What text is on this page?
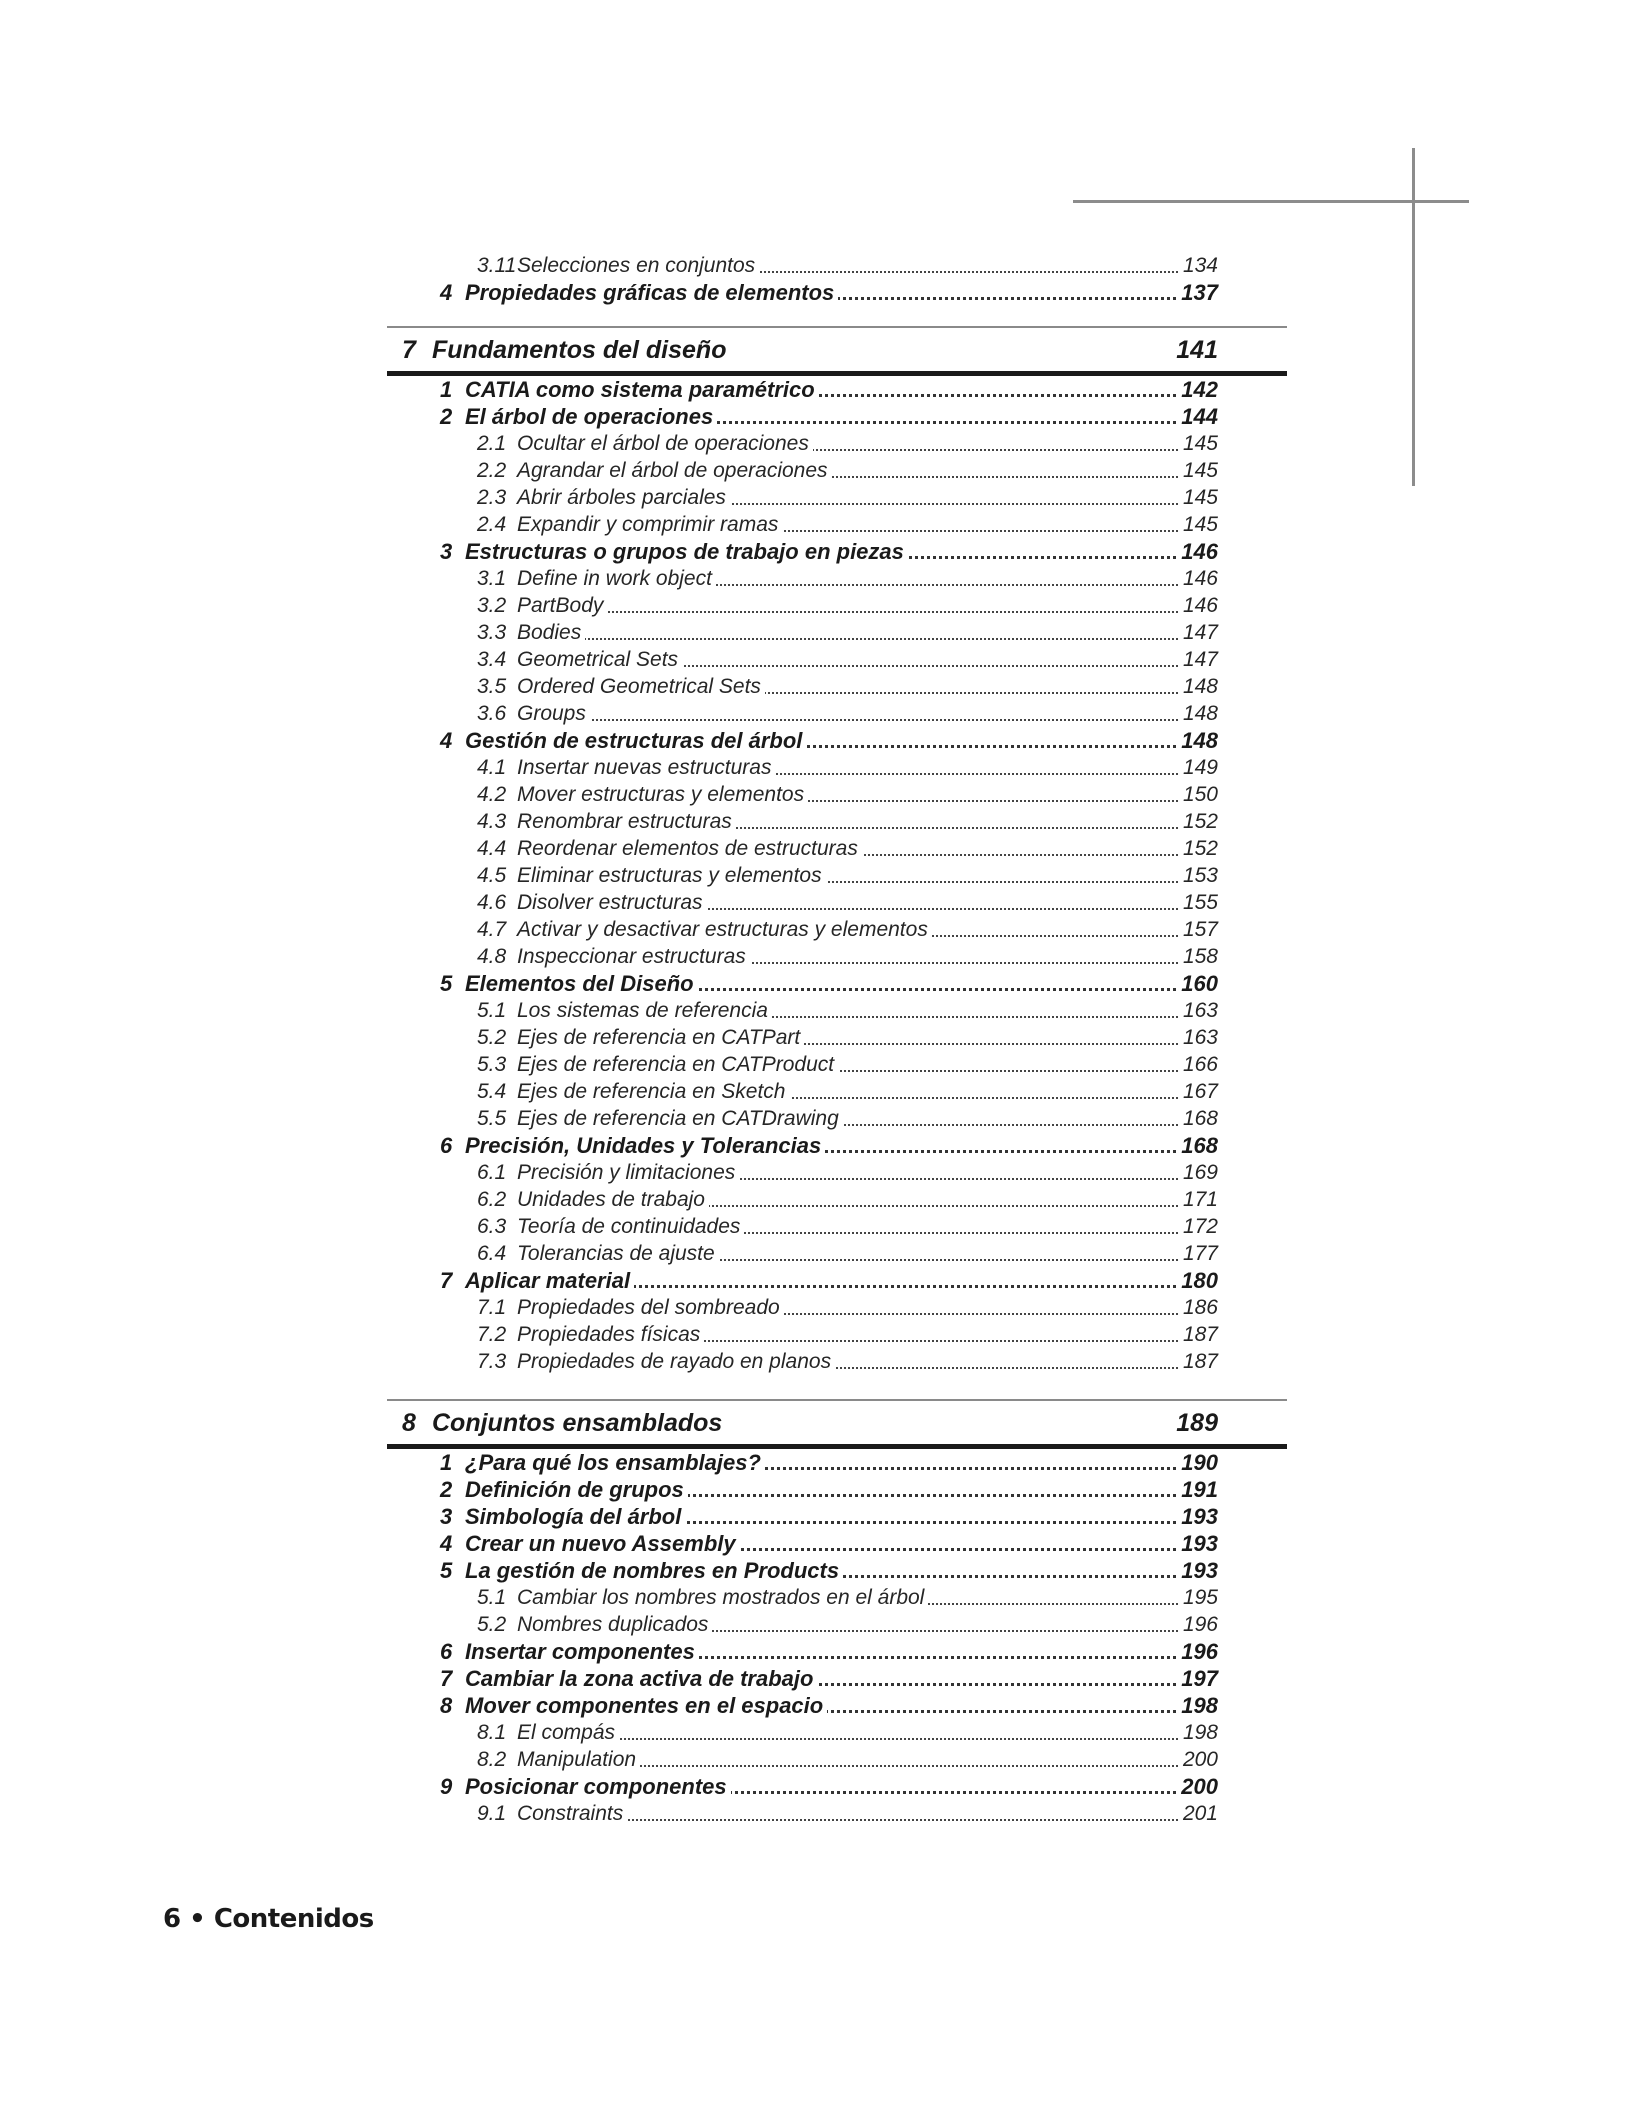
3.11 Selecciones en conjuntos	134
4 Propiedades gráficas de elementos	137
7 Fundamentos del diseño	141
1 CATIA como sistema paramétrico	142
2 El árbol de operaciones	144
2.1 Ocultar el árbol de operaciones	145
2.2 Agrandar el árbol de operaciones	145
2.3 Abrir árboles parciales	145
2.4 Expandir y comprimir ramas	145
3 Estructuras o grupos de trabajo en piezas	146
3.1 Define in work object	146
3.2 PartBody	146
3.3 Bodies	147
3.4 Geometrical Sets	147
3.5 Ordered Geometrical Sets	148
3.6 Groups	148
4 Gestión de estructuras del árbol	148
4.1 Insertar nuevas estructuras	149
4.2 Mover estructuras y elementos	150
4.3 Renombrar estructuras	152
4.4 Reordenar elementos de estructuras	152
4.5 Eliminar estructuras y elementos	153
4.6 Disolver estructuras	155
4.7 Activar y desactivar estructuras y elementos	157
4.8 Inspeccionar estructuras	158
5 Elementos del Diseño	160
5.1 Los sistemas de referencia	163
5.2 Ejes de referencia en CATPart	163
5.3 Ejes de referencia en CATProduct	166
5.4 Ejes de referencia en Sketch	167
5.5 Ejes de referencia en CATDrawing	168
6 Precisión, Unidades y Tolerancias	168
6.1 Precisión y limitaciones	169
6.2 Unidades de trabajo	171
6.3 Teoría de continuidades	172
6.4 Tolerancias de ajuste	177
7 Aplicar material	180
7.1 Propiedades del sombreado	186
7.2 Propiedades físicas	187
7.3 Propiedades de rayado en planos	187
8 Conjuntos ensamblados	189
1 ¿Para qué los ensamblajes?	190
2 Definición de grupos	191
3 Simbología del árbol	193
4 Crear un nuevo Assembly	193
5 La gestión de nombres en Products	193
5.1 Cambiar los nombres mostrados en el árbol	195
5.2 Nombres duplicados	196
6 Insertar componentes	196
7 Cambiar la zona activa de trabajo	197
8 Mover componentes en el espacio	198
8.1 El compás	198
8.2 Manipulation	200
9 Posicionar componentes	200
9.1 Constraints	201
6 • Contenidos
